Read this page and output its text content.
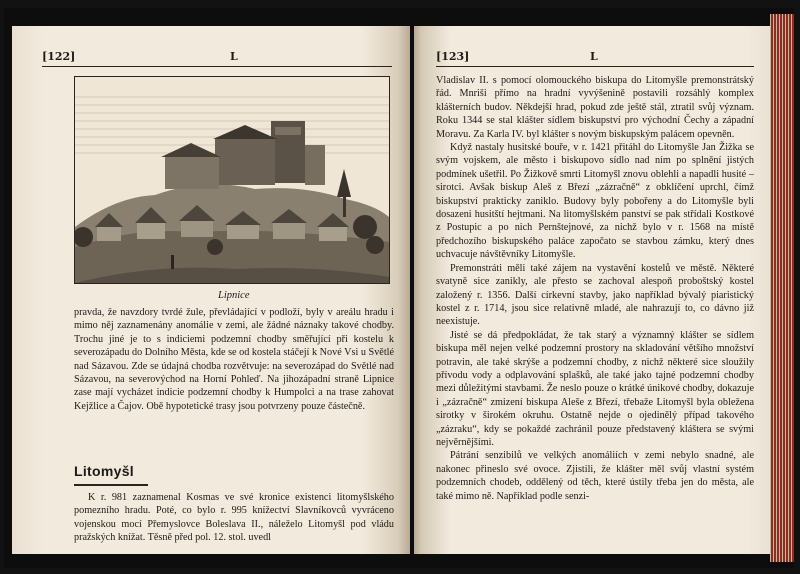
[122]	L
Lipnice

pravda, že navzdory tvrdé žule, převládající v podloží, byly v areálu hradu i mimo něj zaznamenány anomálie v zemi, ale žádné náznaky takové chodby. Trochu jiné je to s indiciemi podzemní chodby směřující při kostelu k severozápadu do Dolního Města, kde se od kostela stáčejí k Nové Vsi u Světlé nad Sázavou. Zde se údajná chodba rozvětvuje: na severozápad do Světlé nad Sázavou, na severovýchod na Horní Pohleď. Na jihozápadní straně Lipnice zase mají vycházet indicie podzemní chodby k Humpolci a na trase zahovat Kejžlice a Čajov. Obě hypotetické trasy jsou potvrzeny pouze částečně.

Litomyšl

K r. 981 zaznamenal Kosmas ve své kronice existenci litomyšlského pomezního hradu. Poté, co bylo r. 995 knížectví Slavníkovců vyvráceno vojenskou mocí Přemyslovce Boleslava II., náleželo Litomyšl pod vládu pražských knížat. Těsně před pol. 12. stol. uvedl

[123]	L

Vladislav II. s pomocí olomouckého biskupa do Litomyšle premonstrátský řád. Mnriši přímo na hradní vyvýšenině postavili rozsáhlý komplex klášterních budov. Někdejší hrad, pokud zde ještě stál, ztratil svůj význam. Roku 1344 se stal klášter sídlem biskupství pro východní Čechy a západní Moravu. Za Karla IV. byl klášter s novým biskupským palácem opevněn.

Když nastaly husitské bouře, v r. 1421 přitáhl do Litomyšle Jan Žižka se svým vojskem, ale město i biskupovo sídlo nad ním po splnění jistých podmínek ušetřil. Po Žižkově smrti Litomyšl znovu oblehli a napadli husité – sirotci. Avšak biskup Aleš z Březí „zázračně“ z obklíčení uprchl, čímž biskupství prakticky zaniklo. Budovy byly pobořeny a do Litomyšle byli dosazeni husitští hejtmani. Na litomyšlském panství se pak střídali Kostkové z Postupic a po nich Pernštejnové, za nichž bylo v r. 1568 na místě předchozího biskupského paláce započato se stavbou zámku, který dnes uchvacuje návštěvníky Litomyšle.

Premonstráti měli také zájem na vystavění kostelů ve městě. Některé svatyně sice zanikly, ale přesto se zachoval alespoň proboštský kostel založený r. 1356. Další církevní stavby, jako například bývalý piaristický kostel z r. 1714, jsou sice relativně mladé, ale nahrazují to, co dávno již neexistuje.

Jisté se dá předpokládat, že tak starý a významný klášter se sídlem biskupa měl nejen velké podzemní prostory na skladování většího množství potravin, ale také skrýše a podzemní chodby, z nichž některé sice sloužily přívodu vody a odplavování splašků, ale také jako tajné podzemní chodby mezi důležitými stavbami. Že neslo pouze o krátké únikové chodby, dokazuje i „zázračně“ zmizení biskupa Aleše z Březí, třebaže Litomyšl byla obležena sirotky v širokém okruhu. Ostatně nejde o ojedinělý případ takového „zázraku“, kdy se pokaždé zachránil pouze představený kláštera se svými nejvěrnějšími.

Pátrání senzibilů ve velkých anomáliích v zemi nebylo snadné, ale nakonec přineslo své ovoce. Zjistili, že klášter měl svůj vlastní systém podzemních chodeb, oddělený od těch, které ústily třeba jen do města, ale také mimo ně. Například podle senzi-
